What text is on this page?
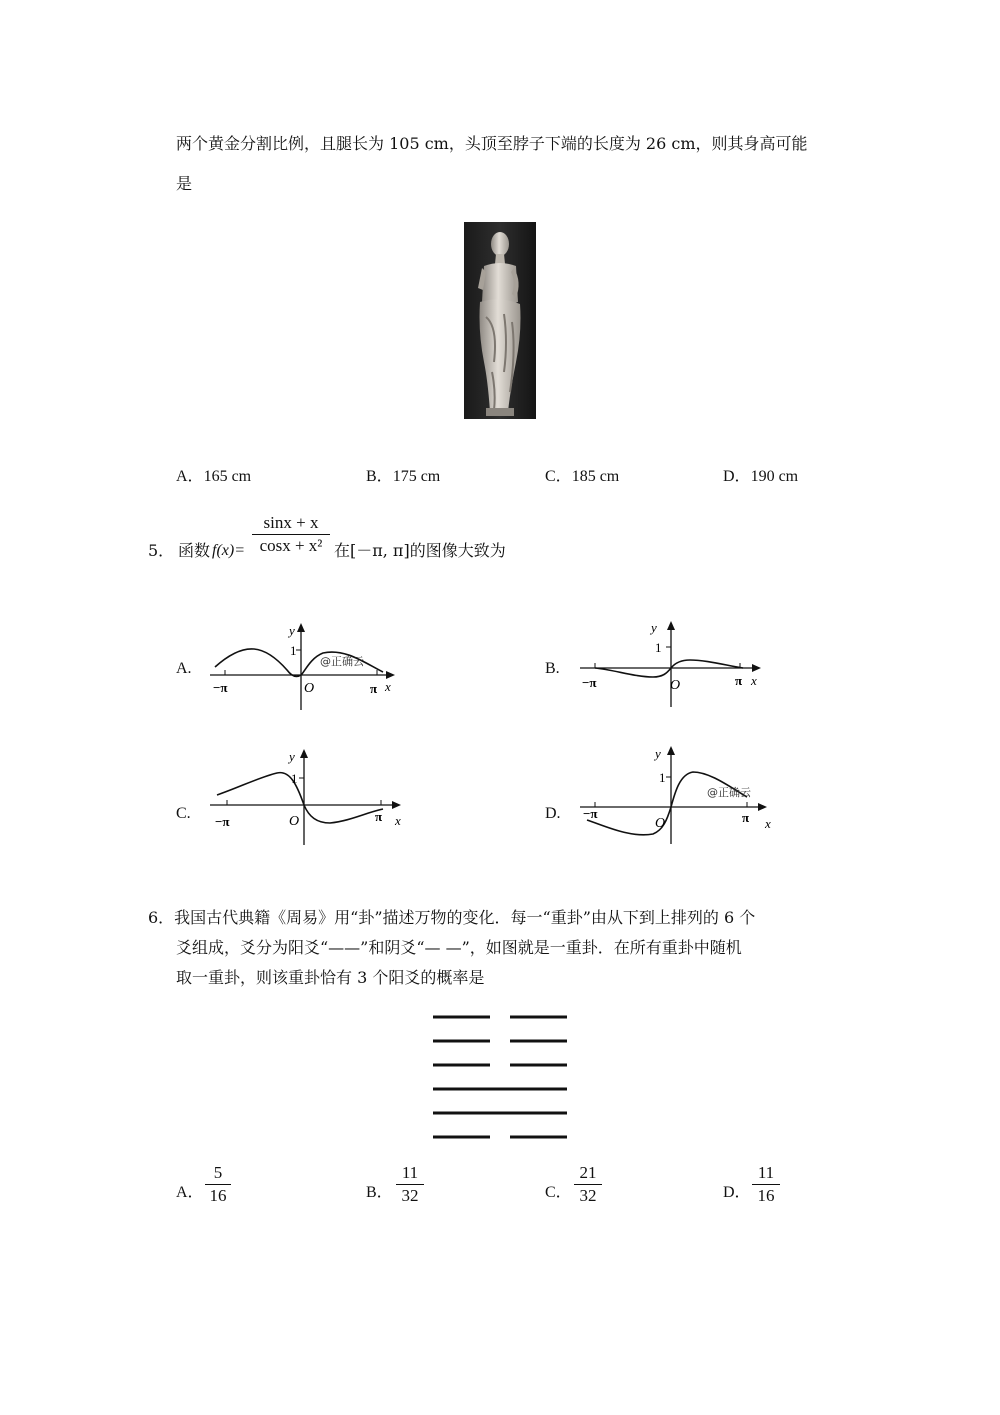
两个黄金分割比例，且腿长为 105 cm，头顶至脖子下端的长度为 26 cm，则其身高可能
是
A．165 cm	B．175 cm	C．185 cm	D．190 cm
5． 函数 f(x)=
sinx + x
cosx + x² 在[－π, π]的图像大致为
A.
y
1
O
−π	π x
@正确云	B.
y
1
O
−π	π x
C.
y
1
O
−π	π x	D.
y
1
O
−π	π x
@正确云
6．我国古代典籍《周易》用“卦”描述万物的变化．每一“重卦”由从下到上排列的 6 个
爻组成，爻分为阳爻“——”和阴爻“— —”，如图就是一重卦．在所有重卦中随机
取一重卦，则该重卦恰有 3 个阳爻的概率是
A．
5
16	B．
11
32	C．
21
32	D．
11
16
